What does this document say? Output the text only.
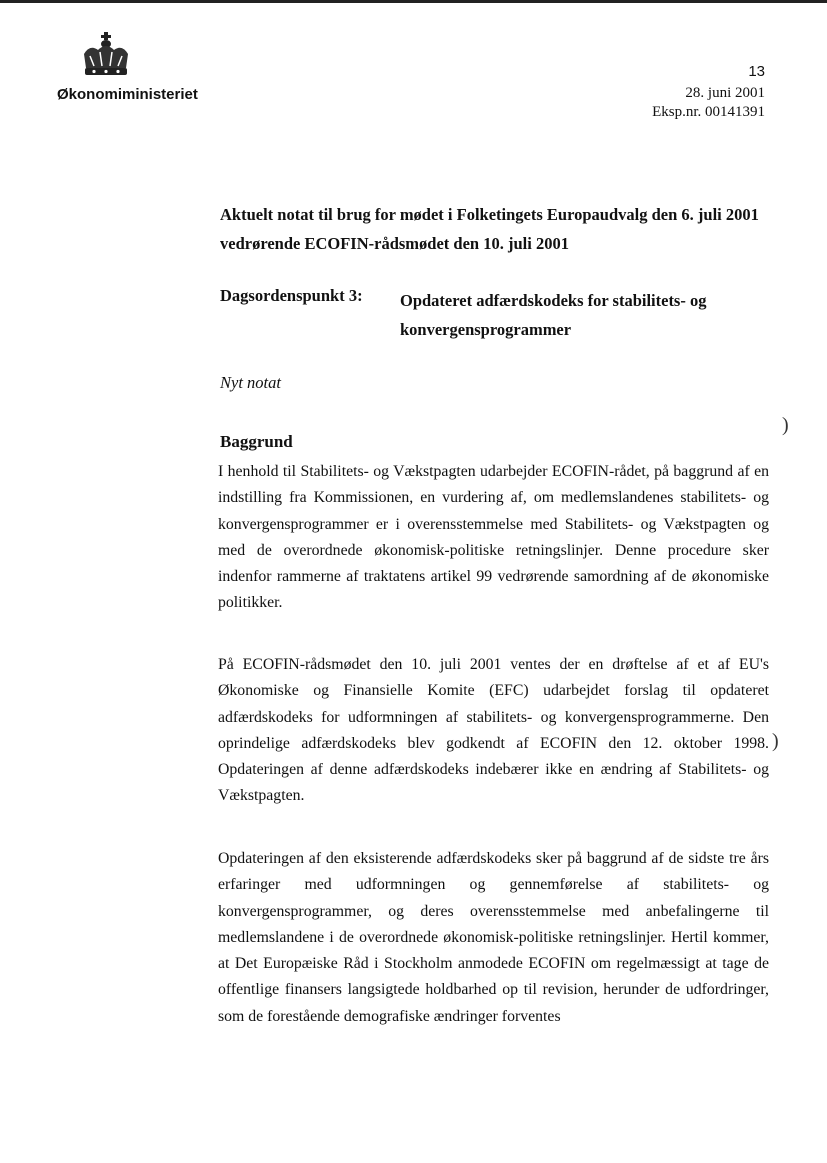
Økonomiministeriet
13
28. juni 2001
Eksp.nr. 00141391
Aktuelt notat til brug for mødet i Folketingets Europaudvalg den 6. juli 2001 vedrørende ECOFIN-rådsmødet den 10. juli 2001
Dagsordenspunkt 3: Opdateret adfærdskodeks for stabilitets- og konvergensprogrammer
Nyt notat
Baggrund

I henhold til Stabilitets- og Vækstpagten udarbejder ECOFIN-rådet, på baggrund af en indstilling fra Kommissionen, en vurdering af, om medlemslandenes stabilitets- og konvergensprogrammer er i overensstemmelse med Stabilitets- og Vækstpagten og med de overordnede økonomisk-politiske retningslinjer. Denne procedure sker indenfor rammerne af traktatens artikel 99 vedrørende samordning af de økonomiske politikker.

På ECOFIN-rådsmødet den 10. juli 2001 ventes der en drøftelse af et af EU's Økonomiske og Finansielle Komite (EFC) udarbejdet forslag til opdateret adfærdskodeks for udformningen af stabilitets- og konvergensprogrammerne. Den oprindelige adfærdskodeks blev godkendt af ECOFIN den 12. oktober 1998. Opdateringen af denne adfærdskodeks indebærer ikke en ændring af Stabilitets- og Vækstpagten.

Opdateringen af den eksisterende adfærdskodeks sker på baggrund af de sidste tre års erfaringer med udformningen og gennemførelse af stabilitets- og konvergensprogrammer, og deres overensstemmelse med anbefalingerne til medlemslandene i de overordnede økonomisk-politiske retningslinjer. Hertil kommer, at Det Europæiske Råd i Stockholm anmodede ECOFIN om regelmæssigt at tage de offentlige finansers langsigtede holdbarhed op til revision, herunder de udfordringer, som de forestående demografiske ændringer forventes

)
)
